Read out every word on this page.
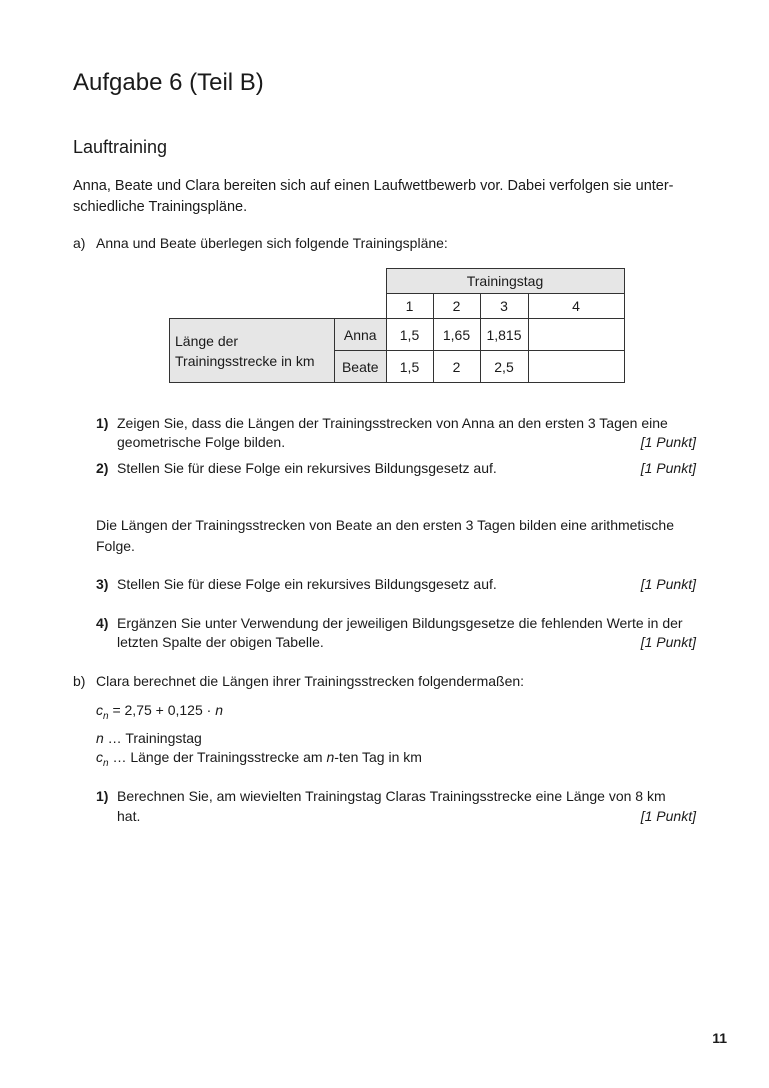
Aufgabe 6 (Teil B)
Lauftraining
Anna, Beate und Clara bereiten sich auf einen Laufwettbewerb vor. Dabei verfolgen sie unter-schiedliche Trainingspläne.
a) Anna und Beate überlegen sich folgende Trainingspläne:
		Trainingstag			
		1	2	3	4
Länge der Trainingsstrecke in km	Anna	1,5	1,65	1,815	
	Beate	1,5	2	2,5	
1) Zeigen Sie, dass die Längen der Trainingsstrecken von Anna an den ersten 3 Tagen eine
geometrische Folge bilden.	[1 Punkt]
2) Stellen Sie für diese Folge ein rekursives Bildungsgesetz auf.	[1 Punkt]
Die Längen der Trainingsstrecken von Beate an den ersten 3 Tagen bilden eine arithmetische
Folge.
3) Stellen Sie für diese Folge ein rekursives Bildungsgesetz auf.	[1 Punkt]
4) Ergänzen Sie unter Verwendung der jeweiligen Bildungsgesetze die fehlenden Werte in der
letzten Spalte der obigen Tabelle.	[1 Punkt]
b) Clara berechnet die Längen ihrer Trainingsstrecken folgendermaßen:
$c_n = 2,75 + 0,125 \cdot n$
n … Trainingstag
$c_n$ … Länge der Trainingsstrecke am n-ten Tag in km
1) Berechnen Sie, am wievielten Trainingstag Claras Trainingsstrecke eine Länge von 8 km
hat.	[1 Punkt]
11
